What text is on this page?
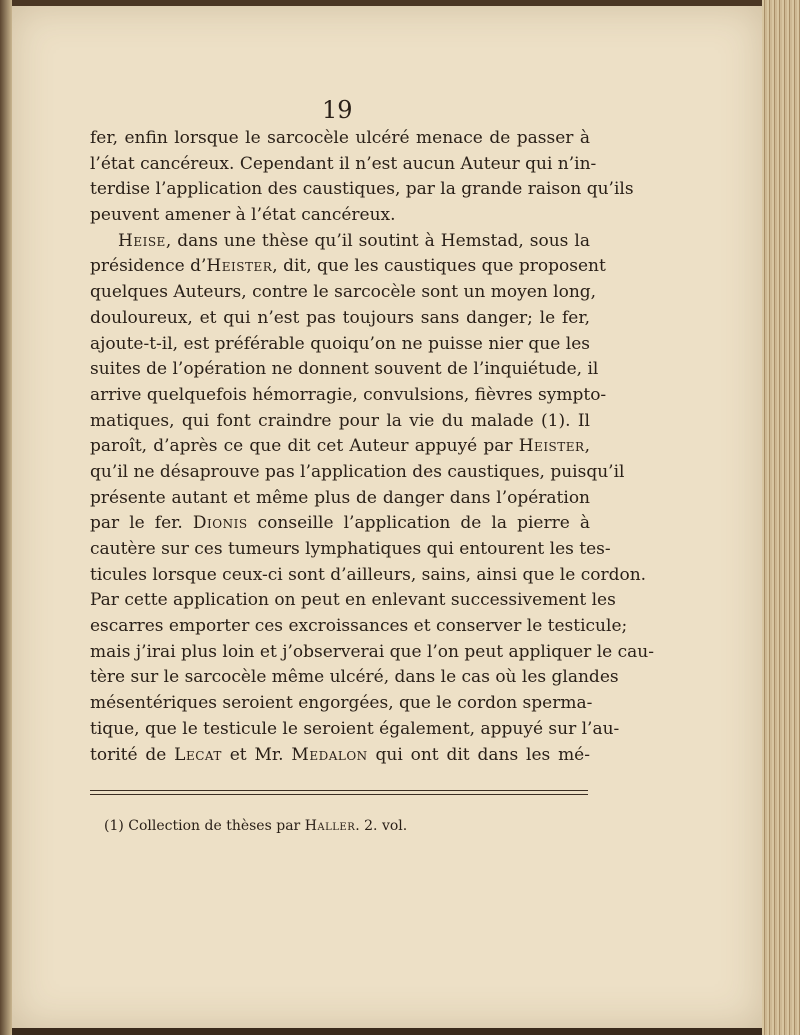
19
fer, enfin lorsque le sarcocèle ulcéré menace de passer à
l’état cancéreux. Cependant il n’est aucun Auteur qui n’in-
terdise l’application des caustiques, par la grande raison qu’ils
peuvent amener à l’état cancéreux.
Heise, dans une thèse qu’il soutint à Hemstad, sous la
présidence d’Heister, dit, que les caustiques que proposent
quelques Auteurs, contre le sarcocèle sont un moyen long,
douloureux, et qui n’est pas toujours sans danger; le fer,
ajoute-t-il, est préférable quoiqu’on ne puisse nier que les
suites de l’opération ne donnent souvent de l’inquiétude, il
arrive quelquefois hémorragie, convulsions, fièvres sympto-
matiques, qui font craindre pour la vie du malade (1). Il
paroît, d’après ce que dit cet Auteur appuyé par Heister,
qu’il ne désaprouve pas l’application des caustiques, puisqu’il
présente autant et même plus de danger dans l’opération
par le fer. Dionis conseille l’application de la pierre à
cautère sur ces tumeurs lymphatiques qui entourent les tes-
ticules lorsque ceux-ci sont d’ailleurs, sains, ainsi que le cordon.
Par cette application on peut en enlevant successivement les
escarres emporter ces excroissances et conserver le testicule;
mais j’irai plus loin et j’observerai que l’on peut appliquer le cau-
tère sur le sarcocèle même ulcéré, dans le cas où les glandes
mésentériques seroient engorgées, que le cordon sperma-
tique, que le testicule le seroient également, appuyé sur l’au-
torité de Lecat et Mr. Medalon qui ont dit dans les mé-
(1) Collection de thèses par Haller. 2. vol.
